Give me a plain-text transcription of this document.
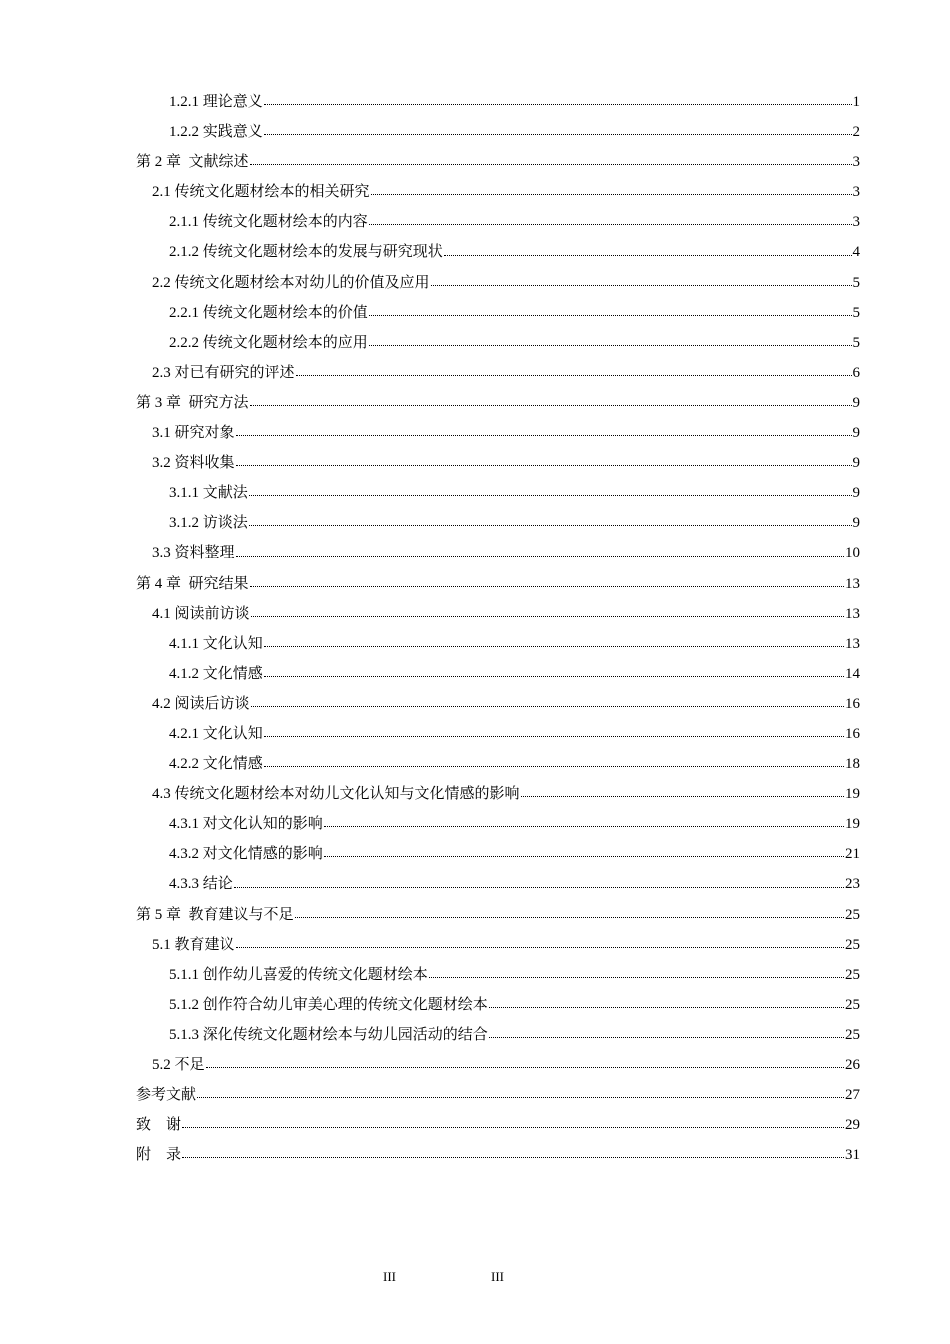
1.2.1 理论意义	1
1.2.2 实践意义	2
第 2 章  文献综述	3
2.1 传统文化题材绘本的相关研究	3
2.1.1 传统文化题材绘本的内容	3
2.1.2 传统文化题材绘本的发展与研究现状	4
2.2 传统文化题材绘本对幼儿的价值及应用	5
2.2.1 传统文化题材绘本的价值	5
2.2.2 传统文化题材绘本的应用	5
2.3 对已有研究的评述	6
第 3 章  研究方法	9
3.1 研究对象	9
3.2 资料收集	9
3.1.1 文献法	9
3.1.2 访谈法	9
3.3 资料整理	10
第 4 章  研究结果	13
4.1 阅读前访谈	13
4.1.1 文化认知	13
4.1.2 文化情感	14
4.2 阅读后访谈	16
4.2.1 文化认知	16
4.2.2 文化情感	18
4.3 传统文化题材绘本对幼儿文化认知与文化情感的影响	19
4.3.1 对文化认知的影响	19
4.3.2 对文化情感的影响	21
4.3.3 结论	23
第 5 章  教育建议与不足	25
5.1 教育建议	25
5.1.1 创作幼儿喜爱的传统文化题材绘本	25
5.1.2 创作符合幼儿审美心理的传统文化题材绘本	25
5.1.3 深化传统文化题材绘本与幼儿园活动的结合	25
5.2 不足	26
参考文献	27
致    谢	29
附    录	31
III	III
